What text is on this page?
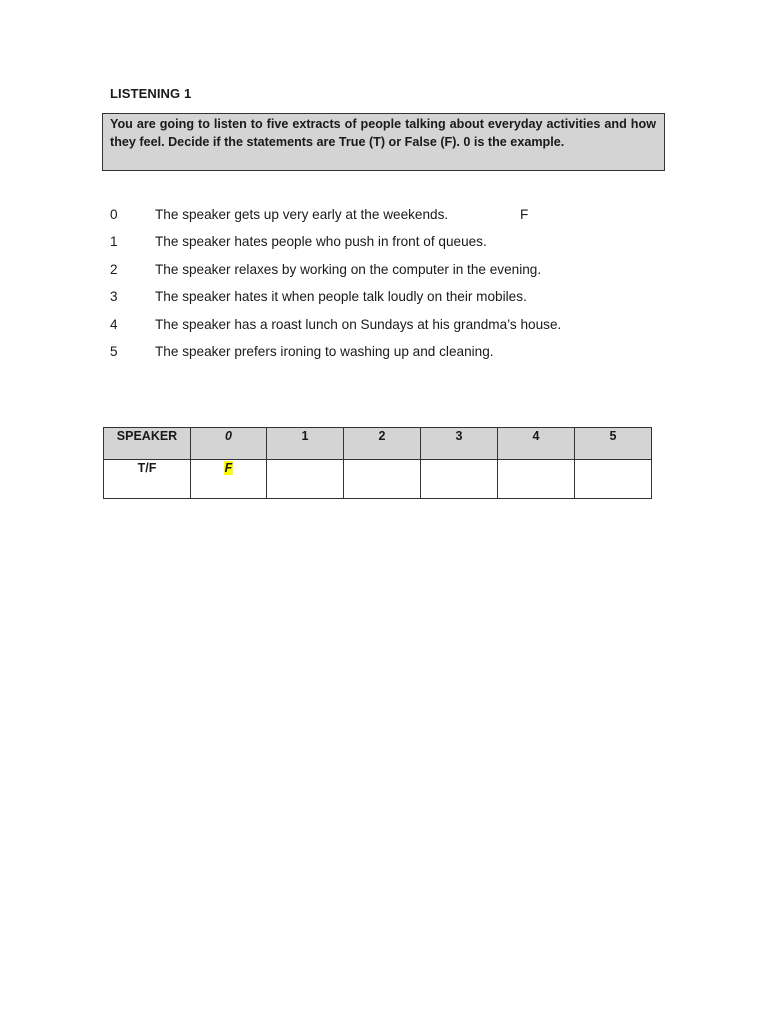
LISTENING 1
You are going to listen to five extracts of people talking about everyday activities and how they feel. Decide if the statements are True (T) or False (F). 0 is the example.
0	The speaker gets up very early at the weekends.	F
1	The speaker hates people who push in front of queues.
2	The speaker relaxes by working on the computer in the evening.
3	The speaker hates it when people talk loudly on their mobiles.
4	The speaker has a roast lunch on Sundays at his grandma’s house.
5	The speaker prefers ironing to washing up and cleaning.
SPEAKER	0	1	2	3	4	5
T/F	F					
